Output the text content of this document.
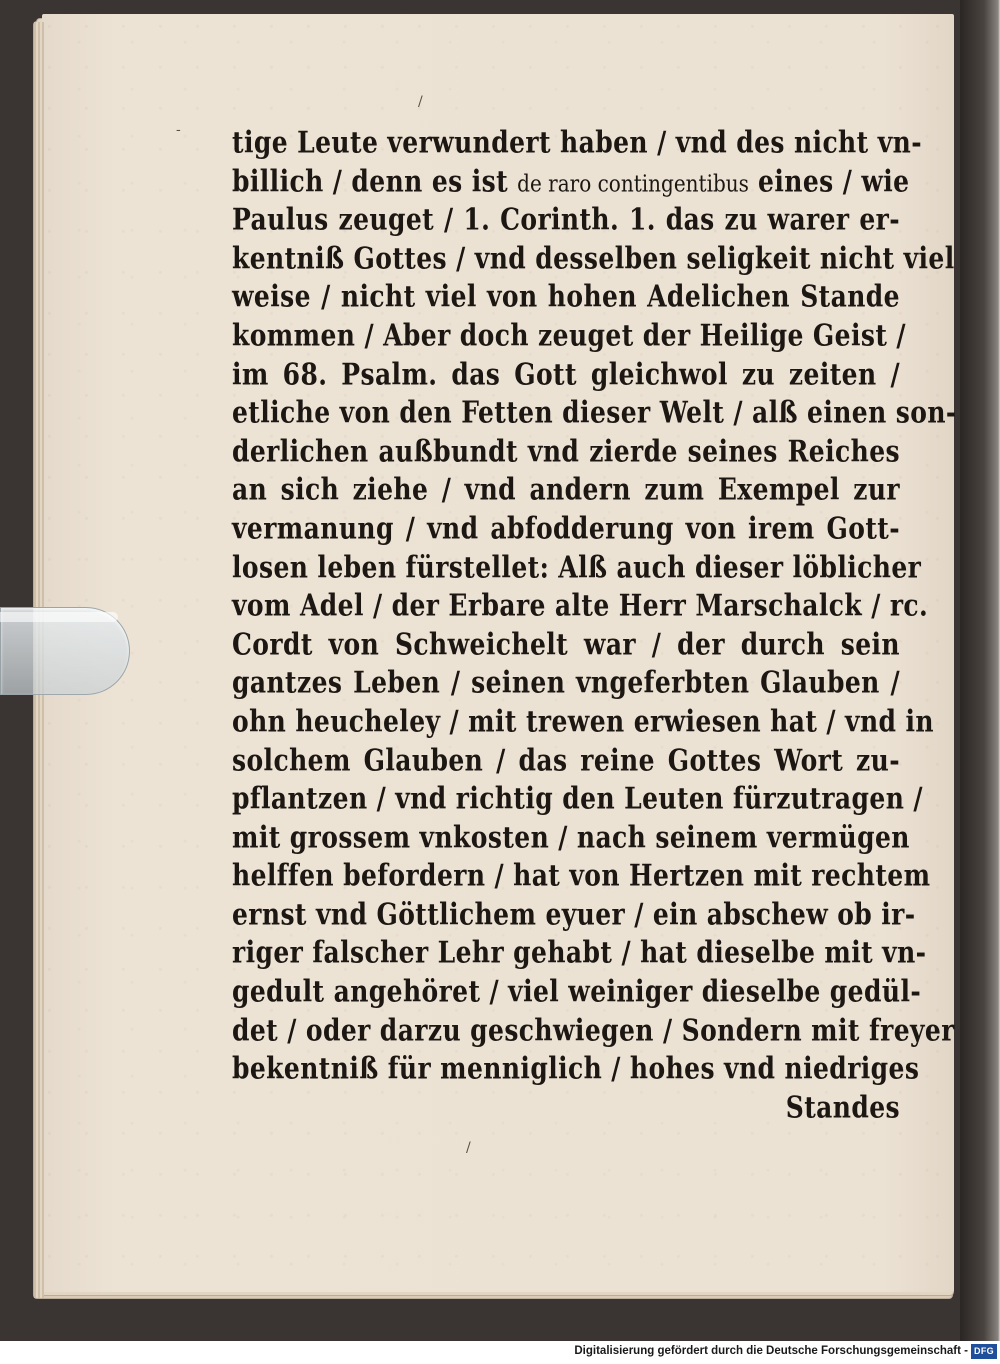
/
-
/
tige Leute verwundert haben / vnd des nicht vn-
billich / denn es ist de raro contingentibus eines / wie
Paulus zeuget / 1. Corinth. 1. das zu warer er-
kentniß Gottes / vnd desselben seligkeit nicht viel
weise / nicht viel von hohen Adelichen Stande
kommen / Aber doch zeuget der Heilige Geist /
im 68. Psalm. das Gott gleichwol zu zeiten /
etliche von den Fetten dieser Welt / alß einen son-
derlichen außbundt vnd zierde seines Reiches
an sich ziehe / vnd andern zum Exempel zur
vermanung / vnd abfodderung von irem Gott-
losen leben fürstellet: Alß auch dieser löblicher
vom Adel / der Erbare alte Herr Marschalck / rc.
Cordt von Schweichelt war / der durch sein
gantzes Leben / seinen vngeferbten Glauben /
ohn heucheley / mit trewen erwiesen hat / vnd in
solchem Glauben / das reine Gottes Wort zu-
pflantzen / vnd richtig den Leuten fürzutragen /
mit grossem vnkosten / nach seinem vermügen
helffen befordern / hat von Hertzen mit rechtem
ernst vnd Göttlichem eyuer / ein abschew ob ir-
riger falscher Lehr gehabt / hat dieselbe mit vn-
gedult angehöret / viel weiniger dieselbe gedül-
det / oder darzu geschwiegen / Sondern mit freyer
bekentniß für menniglich / hohes vnd niedriges
Standes
Digitalisierung gefördert durch die Deutsche Forschungsgemeinschaft - DFG
